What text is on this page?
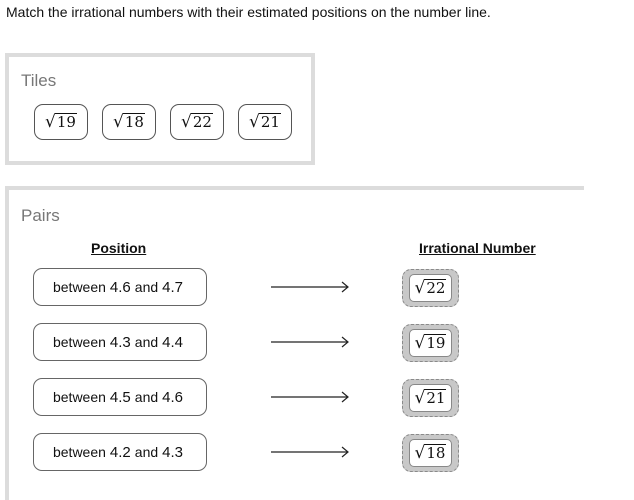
Match the irrational numbers with their estimated positions on the number line.
Tiles
√ 19 √ 18 √ 22 √ 21
Pairs
Position	Irrational Number
between 4.6 and 4.7	√ 22
between 4.3 and 4.4	√ 19
between 4.5 and 4.6	√ 21
between 4.2 and 4.3	√ 18
